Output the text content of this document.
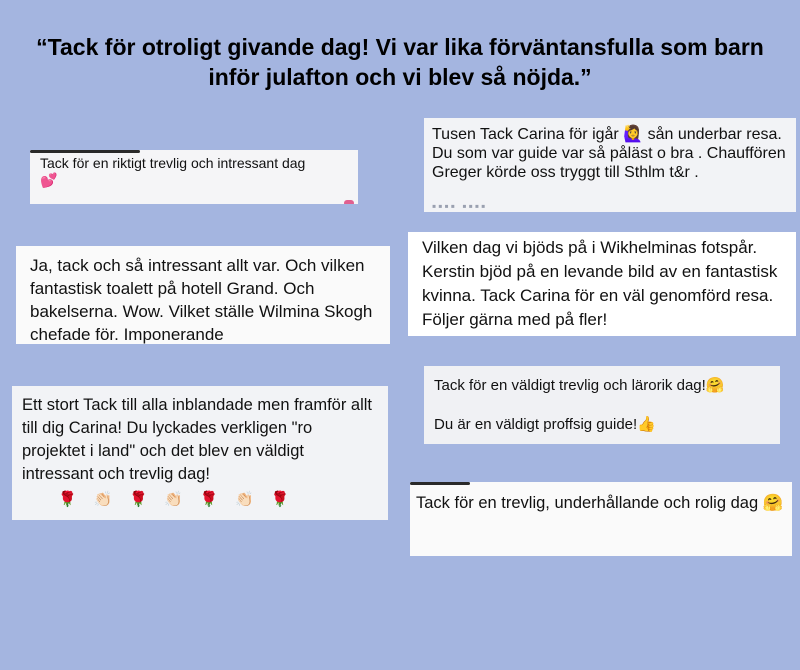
“Tack för otroligt givande dag! Vi var lika förväntansfulla som barn inför julafton och vi blev så nöjda.”
Tack för en riktigt trevlig och intressant dag
💕
Tusen Tack Carina för igår 🙋‍♀️ sån underbar resa. Du som var guide var så påläst o bra . Chauffören Greger körde oss tryggt till Sthlm t&r .
▪▪▪▪ ▪▪▪▪
Ja, tack och så intressant allt var. Och vilken fantastisk toalett på hotell Grand. Och bakelserna. Wow. Vilket ställe Wilmina Skogh chefade för. Imponerande
Vilken dag vi bjöds på i Wikhelminas fotspår. Kerstin bjöd på en levande bild av en fantastisk kvinna. Tack Carina för en väl genomförd resa. Följer gärna med på fler!
Tack för en väldigt trevlig och lärorik dag!🤗
Du är en väldigt proffsig guide!👍
Ett stort Tack till alla inblandade men framför allt till dig Carina! Du lyckades verkligen "ro projektet i land" och det blev en väldigt intressant och trevlig dag!
🌹 👏🏻 🌹 👏🏻 🌹 👏🏻 🌹	Tack för en trevlig, underhållande och rolig dag 🤗
